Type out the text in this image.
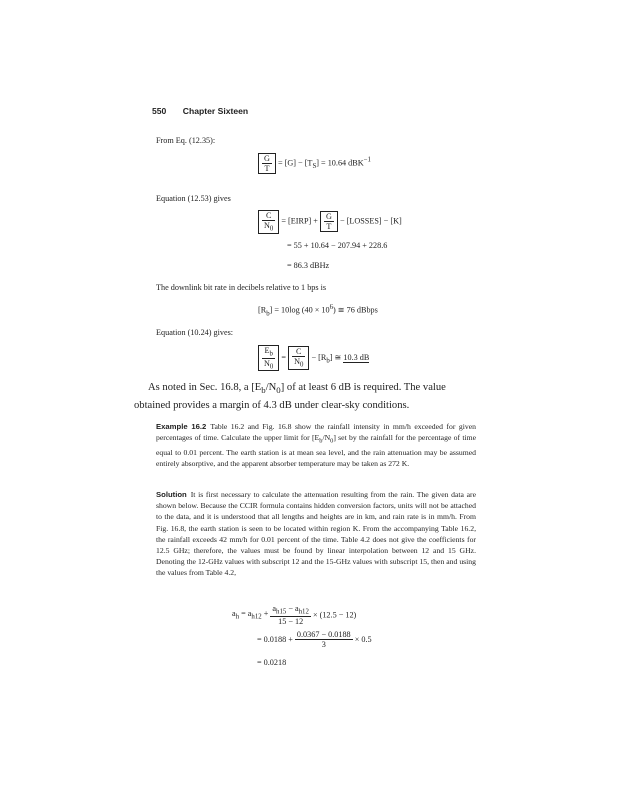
550 Chapter Sixteen
From Eq. (12.35):
$\frac{G}{T} = [G] - [T_S] = 10.64$ dBK$^{-1}$
Equation (12.53) gives
$\frac{C}{N_0}$ = [EIRP] + $\frac{G}{T}$ − [LOSSES] − [K]
= 55 + 10.64 − 207.94 + 228.6
= 86.3 dBHz
The downlink bit rate in decibels relative to 1 bps is
$[R_b] = 10\log$ $(40 \times 10^6)$ ≅ 76 dBbps
Equation (10.24) gives:
$\frac{E_b}{N_0} = \frac{C}{N_0} - [R_b]$ ≅ 10.3 dB
As noted in Sec. 16.8, a $[E_b/N_0]$ of at least 6 dB is required. The value obtained provides a margin of 4.3 dB under clear-sky conditions.
Example 16.2 Table 16.2 and Fig. 16.8 show the rainfall intensity in mm/h exceeded for given percentages of time. Calculate the upper limit for $[E_b/N_0]$ set by the rainfall for the percentage of time equal to 0.01 percent. The earth station is at mean sea level, and the rain attenuation may be assumed entirely absorptive, and the apparent absorber temperature may be taken as 272 K.
Solution It is first necessary to calculate the attenuation resulting from the rain. The given data are shown below. Because the CCIR formula contains hidden conversion factors, units will not be attached to the data, and it is understood that all lengths and heights are in km, and rain rate is in mm/h. From Fig. 16.8, the earth station is seen to be located within region K. From the accompanying Table 16.2, the rainfall exceeds 42 mm/h for 0.01 percent of the time. Table 4.2 does not give the coefficients for 12.5 GHz; therefore, the values must be found by linear interpolation between 12 and 15 GHz. Denoting the 12-GHz values with subscript 12 and the 15-GHz values with subscript 15, then and using the values from Table 4.2,
$a_h = a_{h12} + \frac{a_{h15} - a_{h12}}{15 - 12} \times (12.5 - 12)$
= $0.0188 + \frac{0.0367 - 0.0188}{3} \times 0.5$
= 0.0218
